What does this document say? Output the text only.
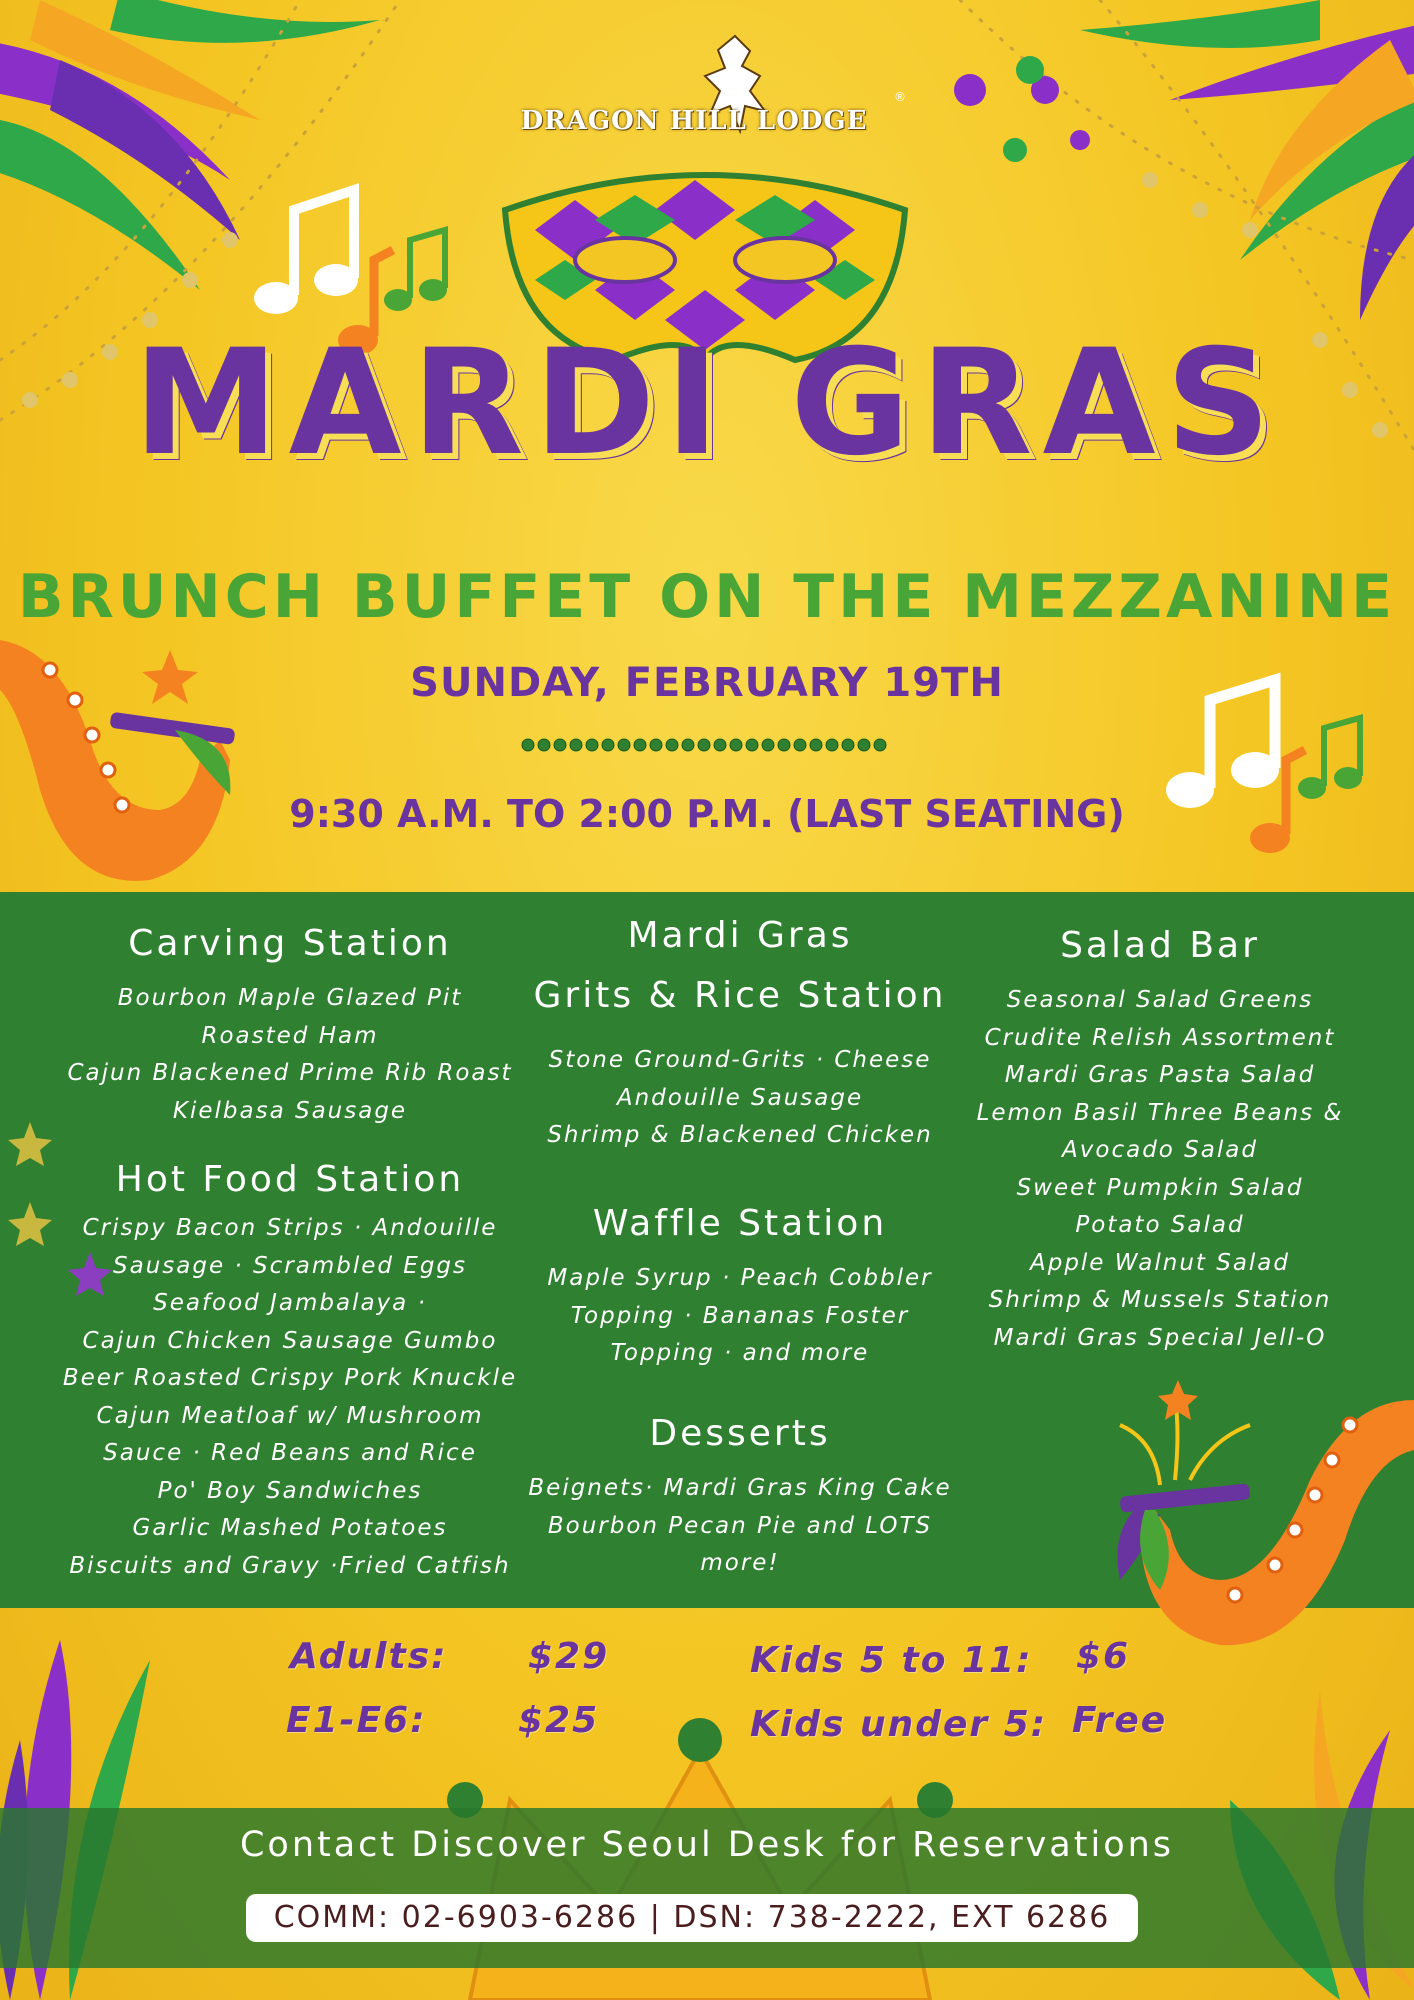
DRAGON HILL LODGE
®
MARDI GRAS
BRUNCH BUFFET ON THE MEZZANINE
SUNDAY, FEBRUARY 19TH
9:30 A.M. TO 2:00 P.M. (LAST SEATING)
Carving Station
Bourbon Maple Glazed Pit
Roasted Ham
Cajun Blackened Prime Rib Roast
Kielbasa Sausage
Hot Food Station
Crispy Bacon Strips · Andouille
Sausage · Scrambled Eggs
Seafood Jambalaya ·
Cajun Chicken Sausage Gumbo
Beer Roasted Crispy Pork Knuckle
Cajun Meatloaf w/ Mushroom
Sauce · Red Beans and Rice
Po' Boy Sandwiches
Garlic Mashed Potatoes
Biscuits and Gravy ·Fried Catfish
Mardi Gras
Grits & Rice Station
Stone Ground-Grits · Cheese
Andouille Sausage
Shrimp & Blackened Chicken
Waffle Station
Maple Syrup · Peach Cobbler
Topping · Bananas Foster
Topping · and more
Desserts
Beignets· Mardi Gras King Cake
Bourbon Pecan Pie and LOTS
more!
Salad Bar
Seasonal Salad Greens
Crudite Relish Assortment
Mardi Gras Pasta Salad
Lemon Basil Three Beans &
Avocado Salad
Sweet Pumpkin Salad
Potato Salad
Apple Walnut Salad
Shrimp & Mussels Station
Mardi Gras Special Jell-O
Adults: $29
E1-E6:	$25
Kids 5 to 11: $6
Kids under 5: Free
Contact Discover Seoul Desk for Reservations
COMM: 02-6903-6286 | DSN: 738-2222, EXT 6286
